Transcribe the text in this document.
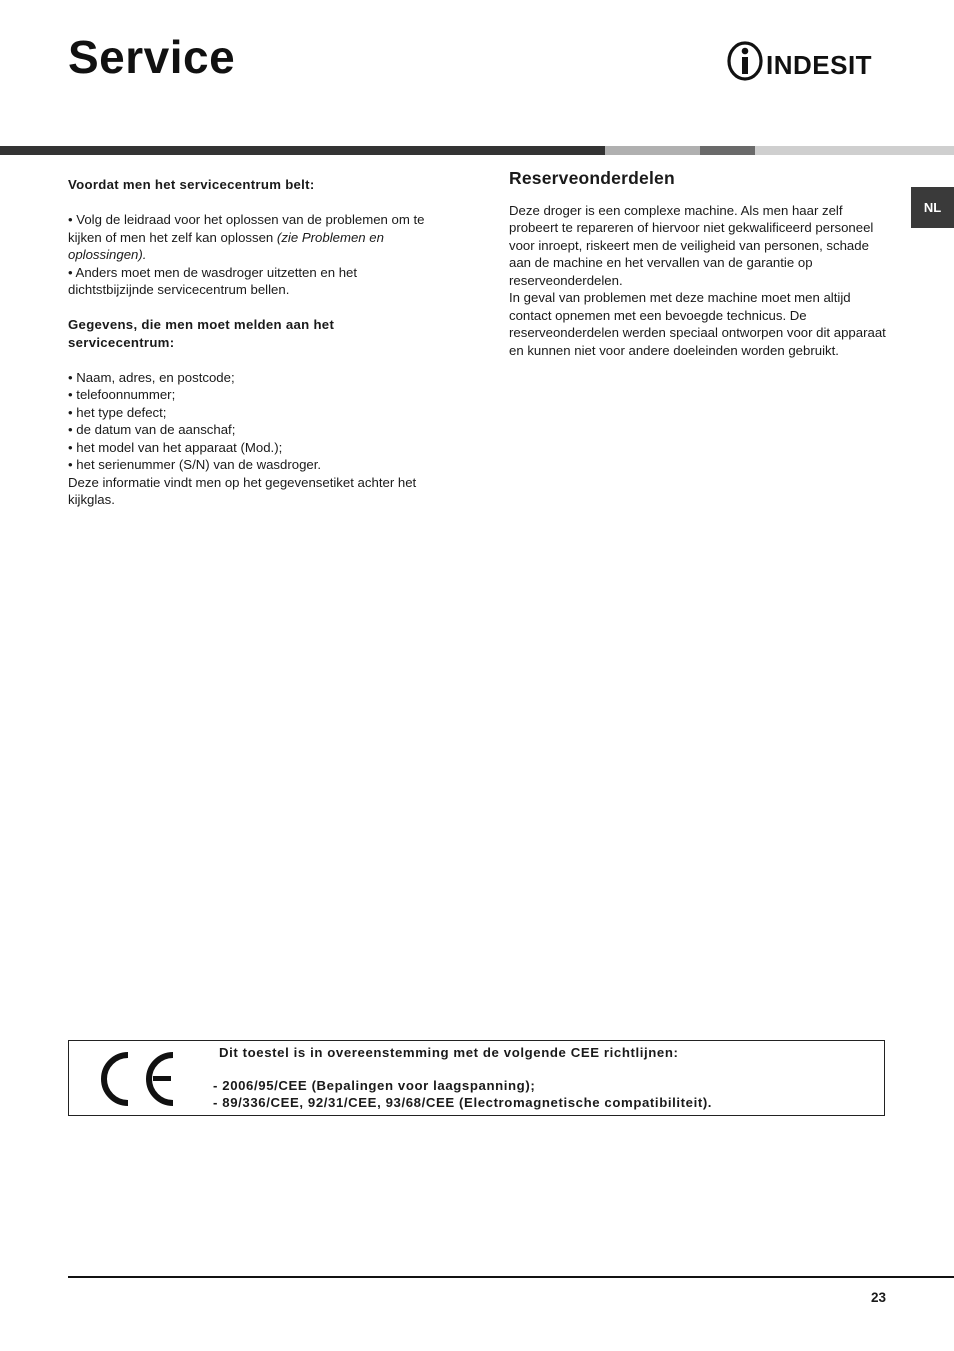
Service	INDESIT
NL

Voordat men het servicecentrum belt:

• Volg de leidraad voor het oplossen van de problemen om te kijken of men het zelf kan oplossen (zie Problemen en oplossingen).

• Anders moet men de wasdroger uitzetten en het dichtstbijzijnde servicecentrum bellen.

Gegevens, die men moet melden aan het servicecentrum:

• Naam, adres, en postcode;

• telefoonnummer;

• het type defect;

• de datum van de aanschaf;

• het model van het apparaat (Mod.);

• het serienummer (S/N) van de wasdroger.

Deze informatie vindt men op het gegevensetiket achter het kijkglas.

Reserveonderdelen

Deze droger is een complexe machine. Als men haar zelf probeert te repareren of hiervoor niet gekwalificeerd personeel voor inroept, riskeert men de veiligheid van personen, schade aan de machine en het vervallen van de garantie op reserveonderdelen.

In geval van problemen met deze machine moet men altijd contact opnemen met een bevoegde technicus. De reserveonderdelen werden speciaal ontworpen voor dit apparaat en kunnen niet voor andere doeleinden worden gebruikt.

Dit toestel is in overeenstemming met de volgende CEE richtlijnen:
- 2006/95/CEE (Bepalingen voor laagspanning);
- 89/336/CEE, 92/31/CEE, 93/68/CEE (Electromagnetische compatibiliteit).
23
